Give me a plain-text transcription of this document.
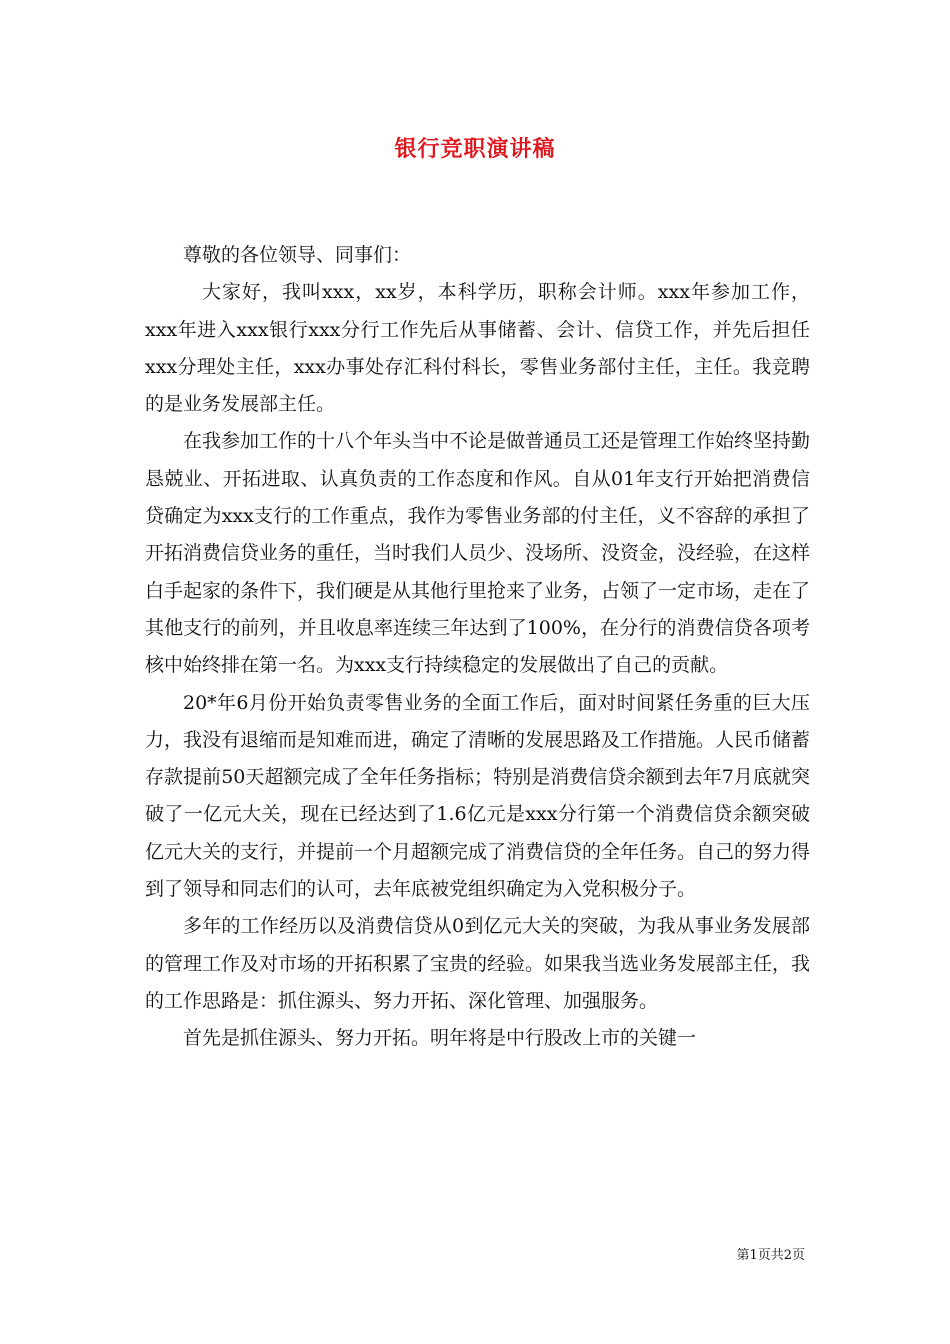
银行竞职演讲稿

尊敬的各位领导、同事们：

大家好，我叫xxx，xx岁，本科学历，职称会计师。xxx年参加工作，xxx年进入xxx银行xxx分行工作先后从事储蓄、会计、信贷工作，并先后担任xxx分理处主任，xxx办事处存汇科付科长，零售业务部付主任，主任。我竞聘的是业务发展部主任。

在我参加工作的十八个年头当中不论是做普通员工还是管理工作始终坚持勤恳兢业、开拓进取、认真负责的工作态度和作风。自从01年支行开始把消费信贷确定为xxx支行的工作重点，我作为零售业务部的付主任，义不容辞的承担了开拓消费信贷业务的重任，当时我们人员少、没场所、没资金，没经验，在这样白手起家的条件下，我们硬是从其他行里抢来了业务，占领了一定市场，走在了其他支行的前列，并且收息率连续三年达到了100%，在分行的消费信贷各项考核中始终排在第一名。为xxx支行持续稳定的发展做出了自己的贡献。

20*年6月份开始负责零售业务的全面工作后，面对时间紧任务重的巨大压力，我没有退缩而是知难而进，确定了清晰的发展思路及工作措施。人民币储蓄存款提前50天超额完成了全年任务指标；特别是消费信贷余额到去年7月底就突破了一亿元大关，现在已经达到了1.6亿元是xxx分行第一个消费信贷余额突破亿元大关的支行，并提前一个月超额完成了消费信贷的全年任务。自己的努力得到了领导和同志们的认可，去年底被党组织确定为入党积极分子。

多年的工作经历以及消费信贷从0到亿元大关的突破，为我从事业务发展部的管理工作及对市场的开拓积累了宝贵的经验。如果我当选业务发展部主任，我的工作思路是：抓住源头、努力开拓、深化管理、加强服务。

首先是抓住源头、努力开拓。明年将是中行股改上市的关键一

第1页共2页
